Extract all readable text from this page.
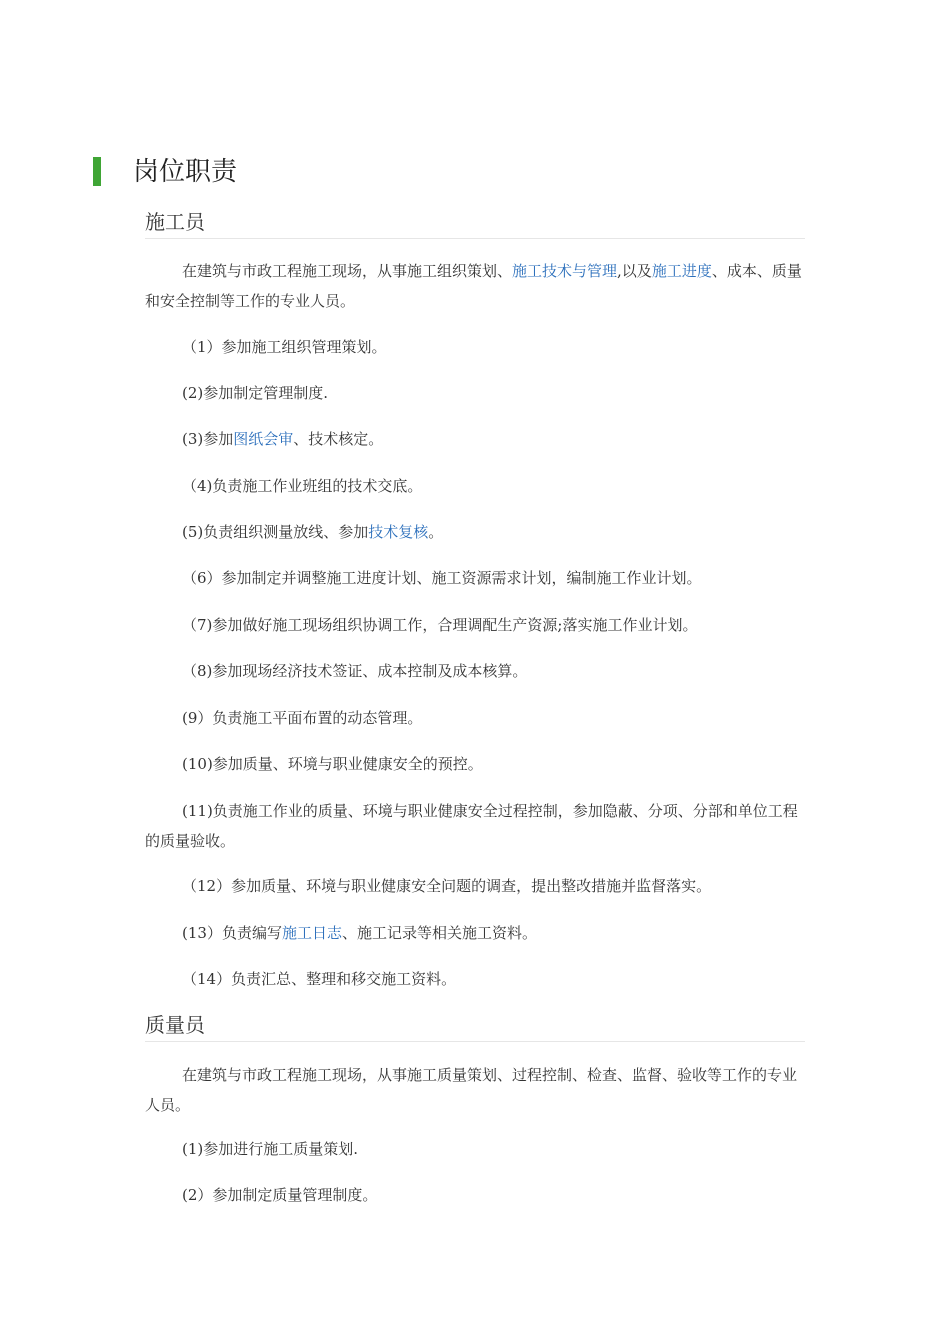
岗位职责
施工员

在建筑与市政工程施工现场，从事施工组织策划、施工技术与管理,以及施工进度、成本、质量和安全控制等工作的专业人员。

（1）参加施工组织管理策划。

(2)参加制定管理制度.

(3)参加图纸会审、技术核定。

（4)负责施工作业班组的技术交底。

(5)负责组织测量放线、参加技术复核。

（6）参加制定并调整施工进度计划、施工资源需求计划，编制施工作业计划。

（7)参加做好施工现场组织协调工作，合理调配生产资源;落实施工作业计划。

（8)参加现场经济技术签证、成本控制及成本核算。

(9）负责施工平面布置的动态管理。

(10)参加质量、环境与职业健康安全的预控。

(11)负责施工作业的质量、环境与职业健康安全过程控制，参加隐蔽、分项、分部和单位工程的质量验收。

（12）参加质量、环境与职业健康安全问题的调查，提出整改措施并监督落实。

(13）负责编写施工日志、施工记录等相关施工资料。

（14）负责汇总、整理和移交施工资料。

质量员

在建筑与市政工程施工现场，从事施工质量策划、过程控制、检查、监督、验收等工作的专业人员。

(1)参加进行施工质量策划.

(2）参加制定质量管理制度。
